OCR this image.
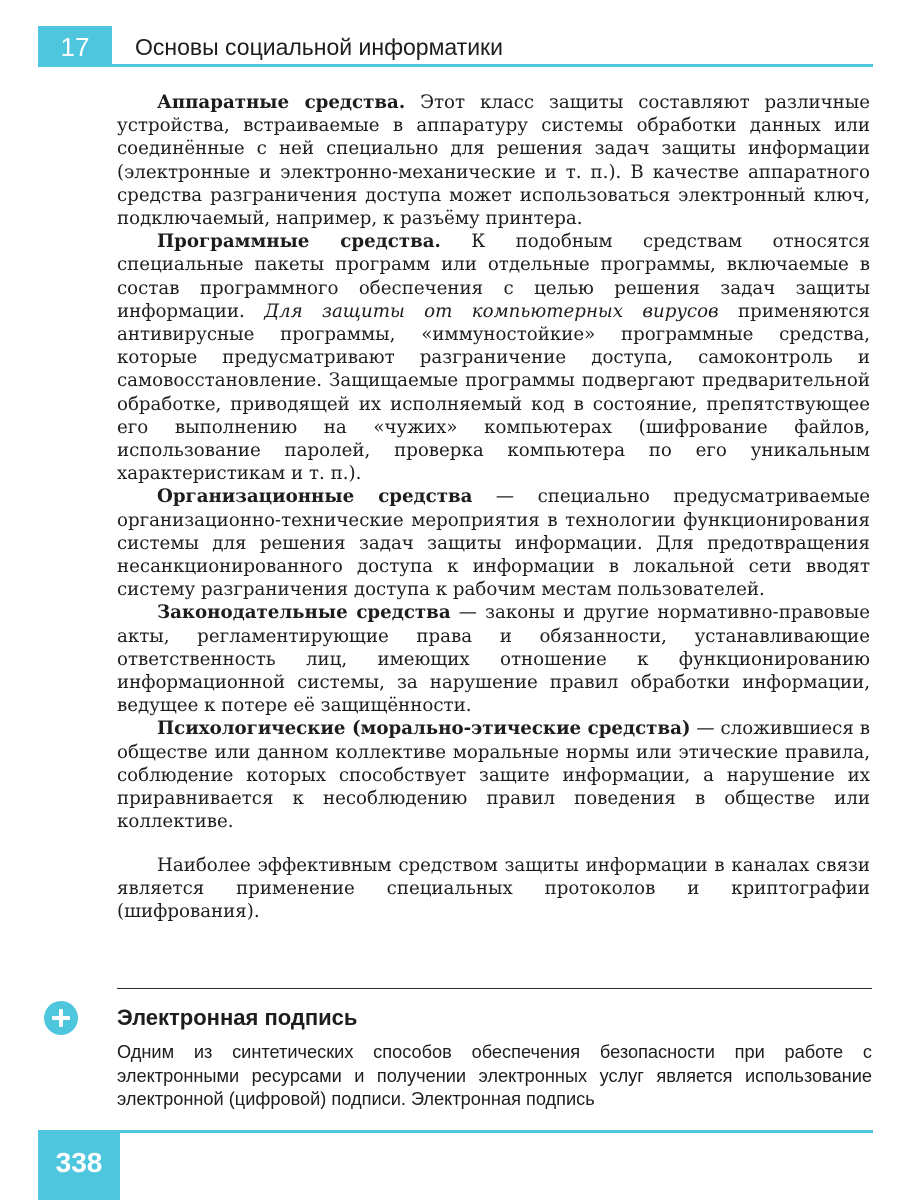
17	Основы социальной информатики

Аппаратные средства. Этот класс защиты составляют различные устройства, встраиваемые в аппаратуру системы обработки данных или соединённые с ней специально для решения задач защиты информации (электронные и электронно-механические и т. п.). В качестве аппаратного средства разграничения доступа может использоваться электронный ключ, подключаемый, например, к разъёму принтера.

Программные средства. К подобным средствам относятся специальные пакеты программ или отдельные программы, включаемые в состав программного обеспечения с целью решения задач защиты информации. Для защиты от компьютерных вирусов применяются антивирусные программы, «иммуностойкие» программные средства, которые предусматривают разграничение доступа, самоконтроль и самовосстановление. Защищаемые программы подвергают предварительной обработке, приводящей их исполняемый код в состояние, препятствующее его выполнению на «чужих» компьютерах (шифрование файлов, использование паролей, проверка компьютера по его уникальным характеристикам и т. п.).

Организационные средства — специально предусматриваемые организационно-технические мероприятия в технологии функционирования системы для решения задач защиты информации. Для предотвращения несанкционированного доступа к информации в локальной сети вводят систему разграничения доступа к рабочим местам пользователей.

Законодательные средства — законы и другие нормативно-правовые акты, регламентирующие права и обязанности, устанавливающие ответственность лиц, имеющих отношение к функционированию информационной системы, за нарушение правил обработки информации, ведущее к потере её защищённости.

Психологические (морально-этические средства) — сложившиеся в обществе или данном коллективе моральные нормы или этические правила, соблюдение которых способствует защите информации, а нарушение их приравнивается к несоблюдению правил поведения в обществе или коллективе.

Наиболее эффективным средством защиты информации в каналах связи является применение специальных протоколов и криптографии (шифрования).

Электронная подпись

Одним из синтетических способов обеспечения безопасности при работе с электронными ресурсами и получении электронных услуг является использование электронной (цифровой) подписи. Электронная подпись

338
